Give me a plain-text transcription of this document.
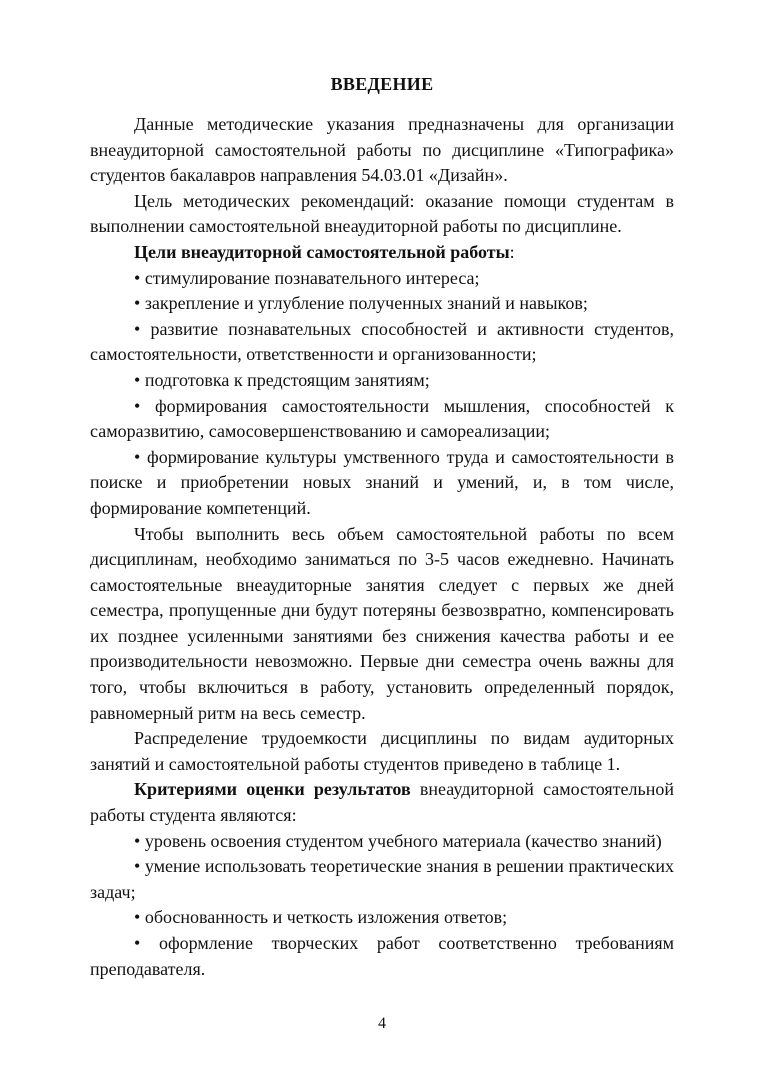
ВВЕДЕНИЕ

Данные методические указания предназначены для организации внеаудиторной самостоятельной работы по дисциплине «Типографика» студентов бакалавров направления 54.03.01 «Дизайн».

Цель методических рекомендаций: оказание помощи студентам в выполнении самостоятельной внеаудиторной работы по дисциплине.

Цели внеаудиторной самостоятельной работы:

• стимулирование познавательного интереса;

• закрепление и углубление полученных знаний и навыков;

• развитие познавательных способностей и активности студентов, самостоятельности, ответственности и организованности;

• подготовка к предстоящим занятиям;

• формирования самостоятельности мышления, способностей к саморазвитию, самосовершенствованию и самореализации;

• формирование культуры умственного труда и самостоятельности в поиске и приобретении новых знаний и умений, и, в том числе, формирование компетенций.

Чтобы выполнить весь объем самостоятельной работы по всем дисциплинам, необходимо заниматься по 3-5 часов ежедневно. Начинать самостоятельные внеаудиторные занятия следует с первых же дней семестра, пропущенные дни будут потеряны безвозвратно, компенсировать их позднее усиленными занятиями без снижения качества работы и ее производительности невозможно. Первые дни семестра очень важны для того, чтобы включиться в работу, установить определенный порядок, равномерный ритм на весь семестр.

Распределение трудоемкости дисциплины по видам аудиторных занятий и самостоятельной работы студентов приведено в таблице 1.

Критериями оценки результатов внеаудиторной самостоятельной работы студента являются:

• уровень освоения студентом учебного материала (качество знаний)

• умение использовать теоретические знания в решении практических задач;

• обоснованность и четкость изложения ответов;

• оформление творческих работ соответственно требованиям преподавателя.

4
